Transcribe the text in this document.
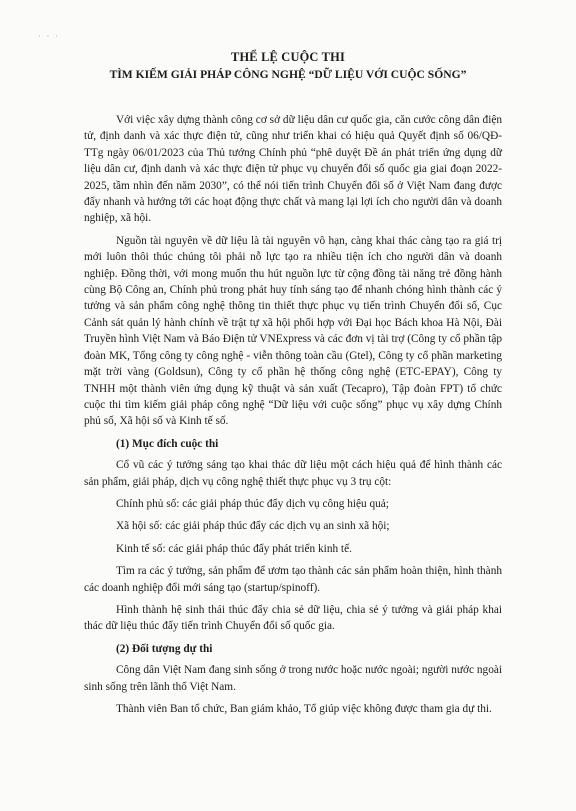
· · ·
THỂ LỆ CUỘC THI
TÌM KIẾM GIẢI PHÁP CÔNG NGHỆ “DỮ LIỆU VỚI CUỘC SỐNG”

Với việc xây dựng thành công cơ sở dữ liệu dân cư quốc gia, căn cước công dân điện tử, định danh và xác thực điện tử, cũng như triển khai có hiệu quả Quyết định số 06/QĐ-TTg ngày 06/01/2023 của Thủ tướng Chính phủ “phê duyệt Đề án phát triển ứng dụng dữ liệu dân cư, định danh và xác thực điện tử phục vụ chuyển đổi số quốc gia giai đoạn 2022-2025, tầm nhìn đến năm 2030”, có thể nói tiến trình Chuyển đổi số ở Việt Nam đang được đẩy nhanh và hướng tới các hoạt động thực chất và mang lại lợi ích cho người dân và doanh nghiệp, xã hội.

Nguồn tài nguyên về dữ liệu là tài nguyên vô hạn, càng khai thác càng tạo ra giá trị mới luôn thôi thúc chúng tôi phải nỗ lực tạo ra nhiều tiện ích cho người dân và doanh nghiệp. Đồng thời, với mong muốn thu hút nguồn lực từ cộng đồng tài năng trẻ đồng hành cùng Bộ Công an, Chính phủ trong phát huy tính sáng tạo để nhanh chóng hình thành các ý tưởng và sản phẩm công nghệ thông tin thiết thực phục vụ tiến trình Chuyển đổi số, Cục Cảnh sát quản lý hành chính về trật tự xã hội phối hợp với Đại học Bách khoa Hà Nội, Đài Truyền hình Việt Nam và Báo Điện tử VNExpress và các đơn vị tài trợ (Công ty cổ phần tập đoàn MK, Tổng công ty công nghệ - viễn thông toàn cầu (Gtel), Công ty cổ phần marketing mặt trời vàng (Goldsun), Công ty cổ phần hệ thống công nghệ (ETC-EPAY), Công ty TNHH một thành viên ứng dụng kỹ thuật và sản xuất (Tecapro), Tập đoàn FPT) tổ chức cuộc thi tìm kiếm giải pháp công nghệ “Dữ liệu với cuộc sống” phục vụ xây dựng Chính phủ số, Xã hội số và Kinh tế số.

(1) Mục đích cuộc thi

Cổ vũ các ý tưởng sáng tạo khai thác dữ liệu một cách hiệu quả để hình thành các sản phẩm, giải pháp, dịch vụ công nghệ thiết thực phục vụ 3 trụ cột:

Chính phủ số: các giải pháp thúc đẩy dịch vụ công hiệu quả;

Xã hội số: các giải pháp thúc đẩy các dịch vụ an sinh xã hội;

Kinh tế số: các giải pháp thúc đẩy phát triển kinh tế.

Tìm ra các ý tưởng, sản phẩm để ươm tạo thành các sản phẩm hoàn thiện, hình thành các doanh nghiệp đổi mới sáng tạo (startup/spinoff).

Hình thành hệ sinh thái thúc đẩy chia sẻ dữ liệu, chia sẻ ý tưởng và giải pháp khai thác dữ liệu thúc đẩy tiến trình Chuyển đổi số quốc gia.

(2) Đối tượng dự thi

Công dân Việt Nam đang sinh sống ở trong nước hoặc nước ngoài; người nước ngoài sinh sống trên lãnh thổ Việt Nam.

Thành viên Ban tổ chức, Ban giám khảo, Tổ giúp việc không được tham gia dự thi.
